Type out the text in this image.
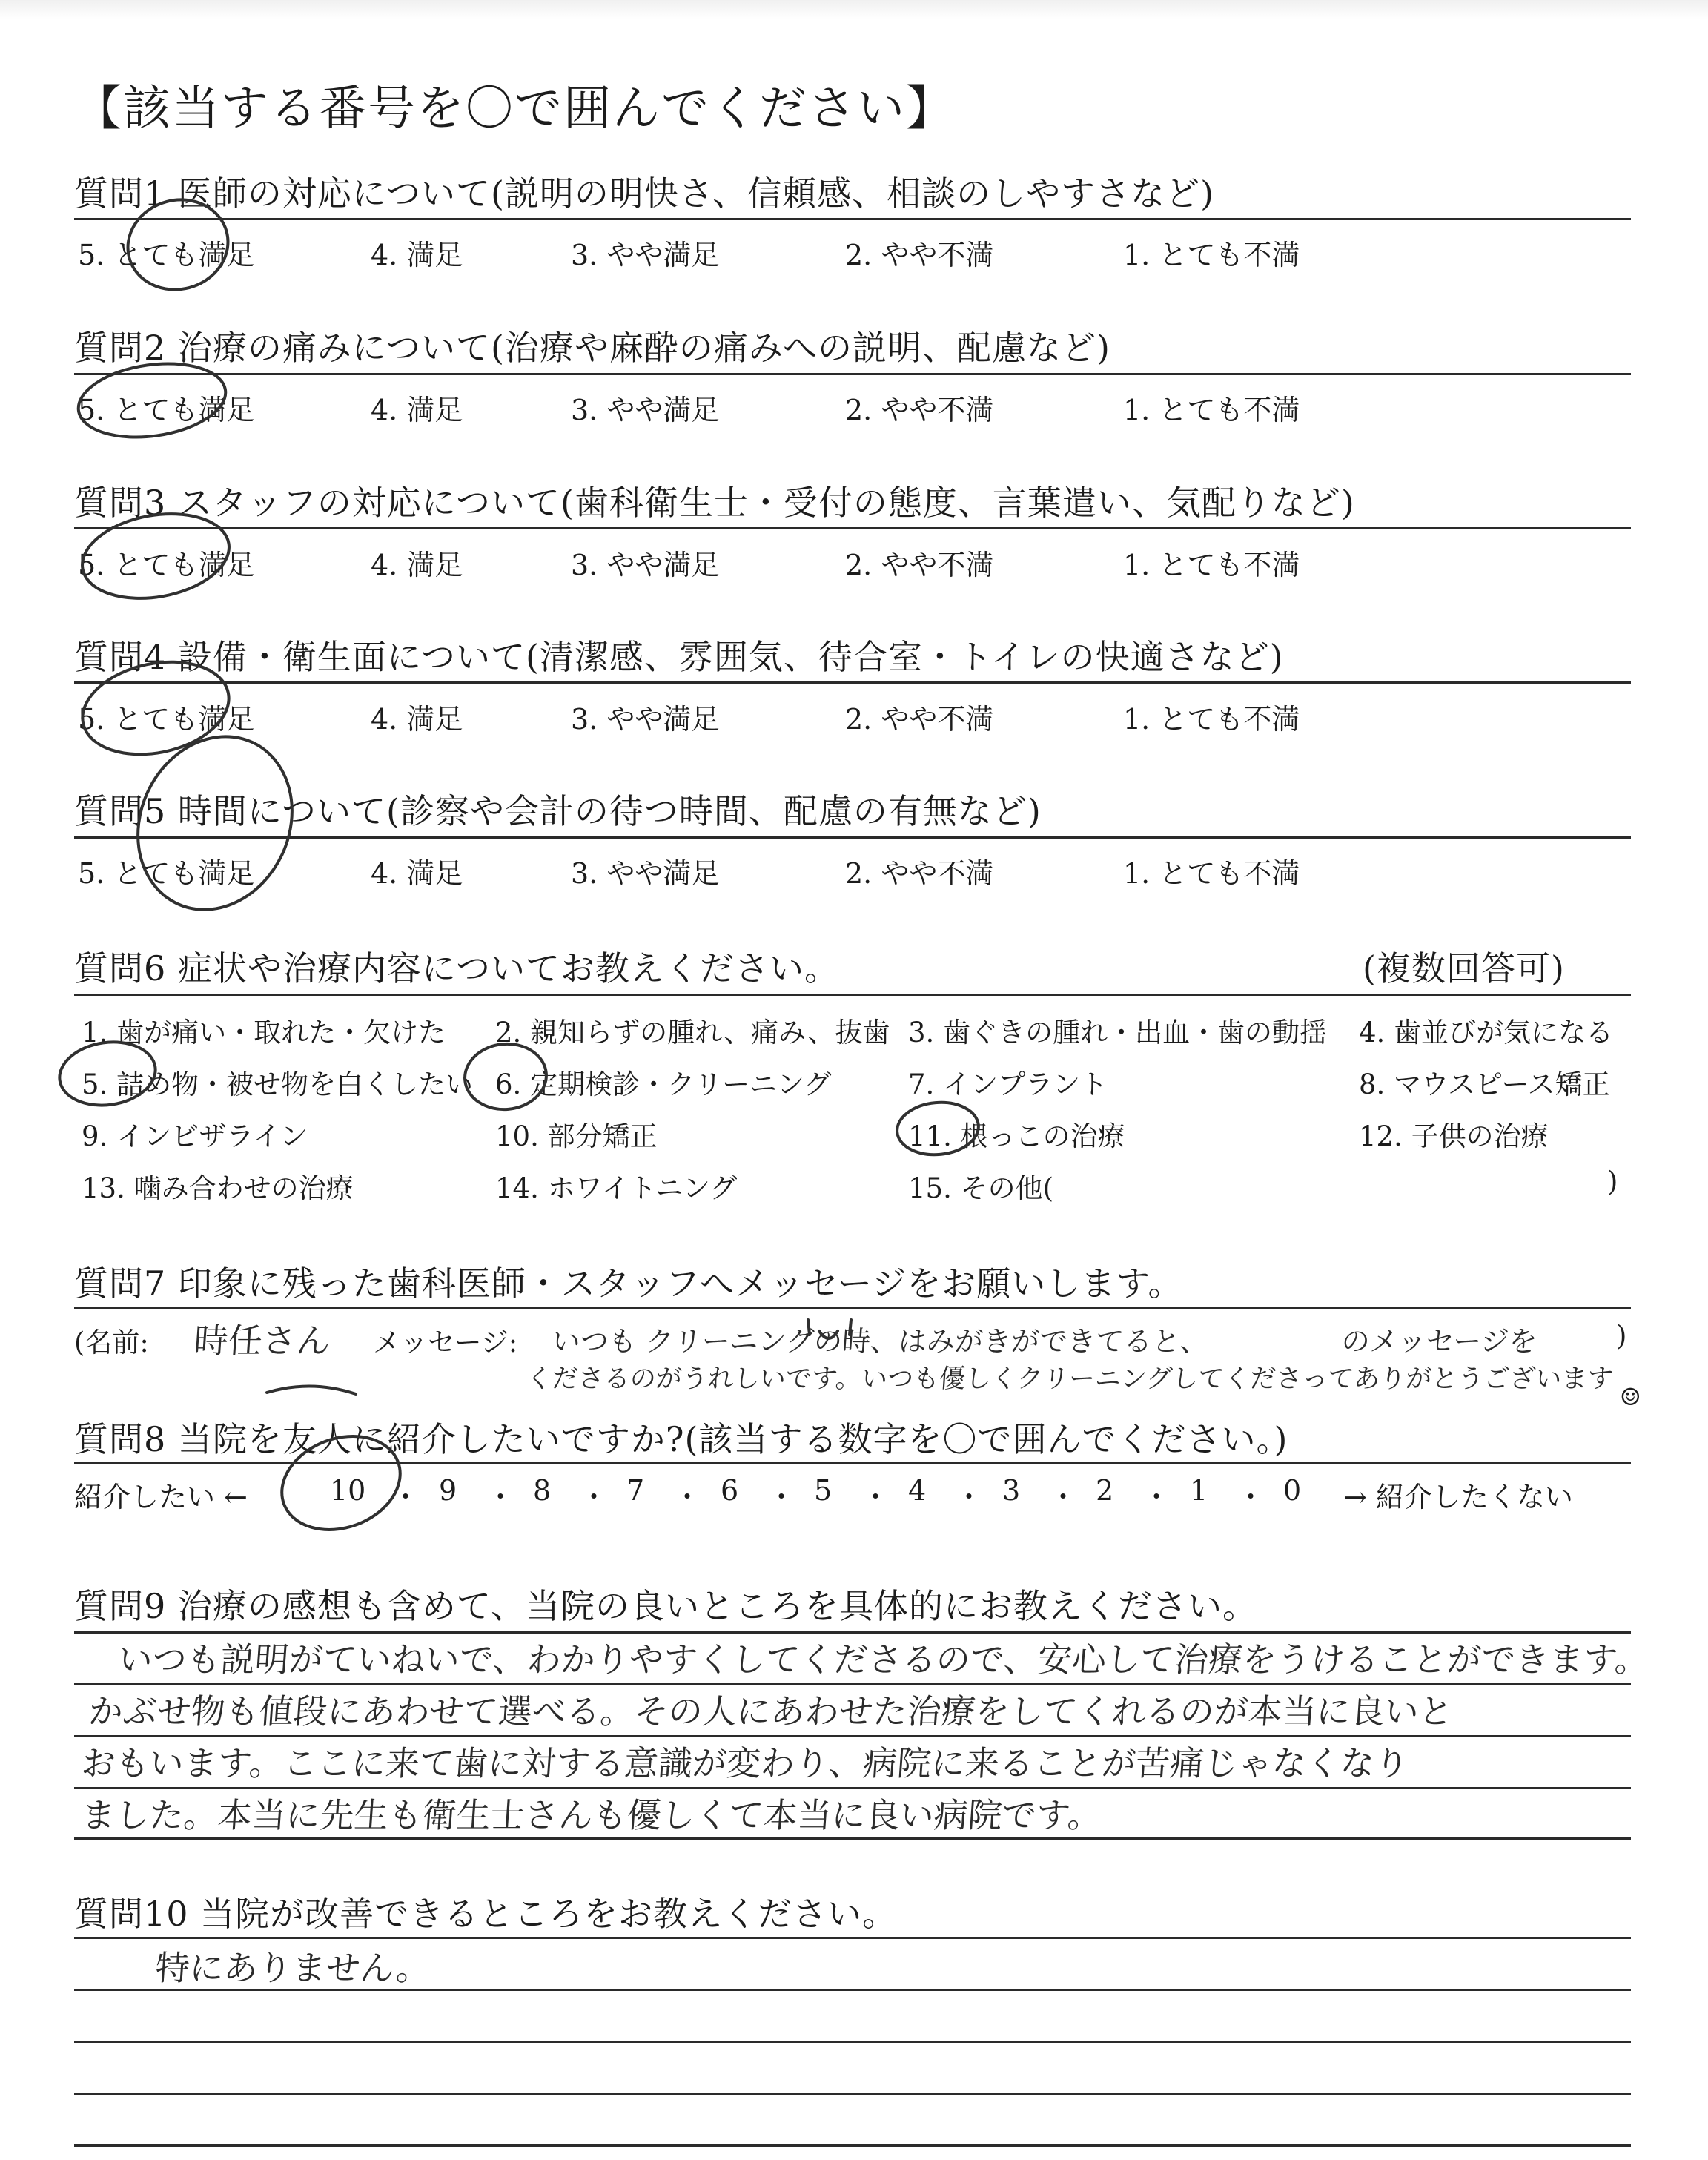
【該当する番号を〇で囲んでください】
質問1 医師の対応について(説明の明快さ、信頼感、相談のしやすさなど)
5. とても満足	4. 満足	3. やや満足	2. やや不満	1. とても不満
質問2 治療の痛みについて(治療や麻酔の痛みへの説明、配慮など)
5. とても満足	4. 満足	3. やや満足	2. やや不満	1. とても不満
質問3 スタッフの対応について(歯科衛生士・受付の態度、言葉遣い、気配りなど)
5. とても満足	4. 満足	3. やや満足	2. やや不満	1. とても不満
質問4 設備・衛生面について(清潔感、雰囲気、待合室・トイレの快適さなど)
5. とても満足	4. 満足	3. やや満足	2. やや不満	1. とても不満
質問5 時間について(診察や会計の待つ時間、配慮の有無など)
5. とても満足	4. 満足	3. やや満足	2. やや不満	1. とても不満
質問6 症状や治療内容についてお教えください。	(複数回答可)
1. 歯が痛い・取れた・欠けた 2. 親知らずの腫れ、痛み、抜歯 3. 歯ぐきの腫れ・出血・歯の動揺 4. 歯並びが気になる
5. 詰め物・被せ物を白くしたい 6. 定期検診・クリーニング	7. インプラント	8. マウスピース矯正
9. インビザライン	10. 部分矯正	11. 根っこの治療	12. 子供の治療
13. 噛み合わせの治療	14. ホワイトニング	15. その他(	)
質問7 印象に残った歯科医師・スタッフへメッセージをお願いします。
(名前: 時任さん メッセージ: いつも クリーニングの時、はみがきができてると、	のメッセージを	)
くださるのがうれしいです。いつも優しくクリーニングしてくださってありがとうございます
☺
質問8 当院を友人に紹介したいですか?(該当する数字を〇で囲んでください。)
紹介したい ←	→ 紹介したくない
10 ・ 9 ・ 8 ・ 7 ・ 6 ・ 5 ・ 4 ・ 3 ・ 2 ・ 1 ・ 0
質問9 治療の感想も含めて、当院の良いところを具体的にお教えください。
いつも説明がていねいで、わかりやすくしてくださるので、安心して治療をうけることができます。
かぶせ物も値段にあわせて選べる。その人にあわせた治療をしてくれるのが本当に良いと
おもいます。ここに来て歯に対する意識が変わり、病院に来ることが苦痛じゃなくなり
ました。本当に先生も衛生士さんも優しくて本当に良い病院です。
質問10 当院が改善できるところをお教えください。
特にありません。
